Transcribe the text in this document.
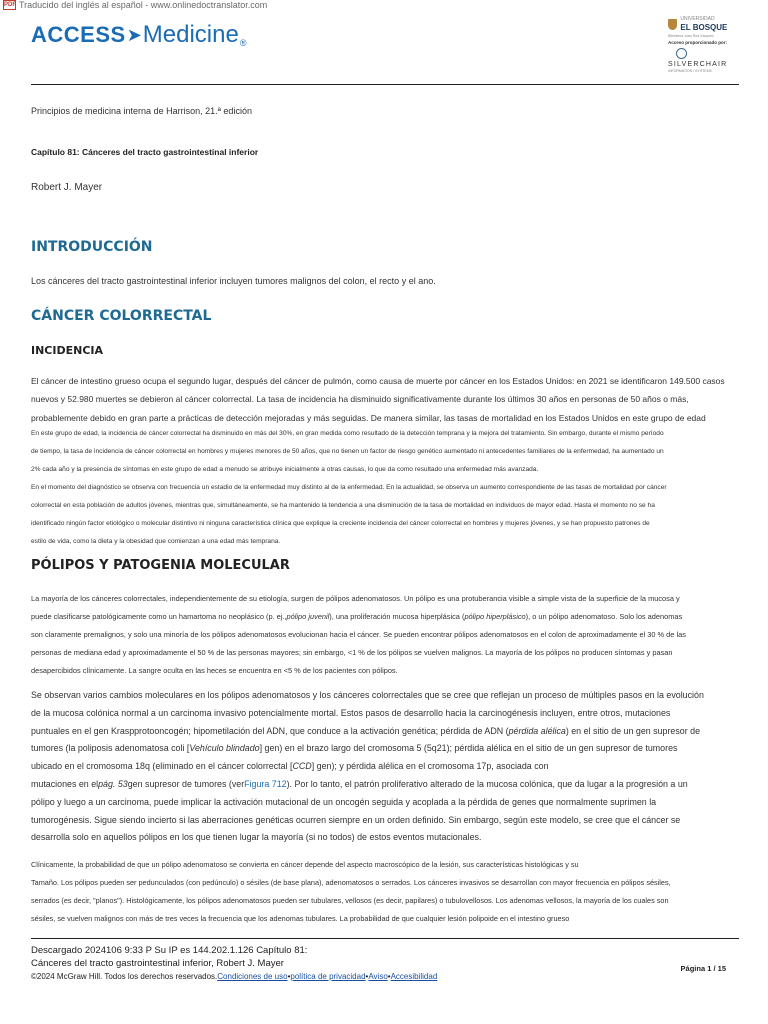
PDF Traducido del inglés al español - www.onlinedoctranslator.com
ACCESS ➤ Medicine ®
UNIVERSIDAD
EL BOSQUE
Biblioteca Juan Roa Vásquez
Acceso proporcionado por:
SILVERCHAIR
INFORMATION / SYSTEMS
Principios de medicina interna de Harrison, 21.ª edición
Capítulo 81: Cánceres del tracto gastrointestinal inferior
Robert J. Mayer
INTRODUCCIÓN

Los cánceres del tracto gastrointestinal inferior incluyen tumores malignos del colon, el recto y el ano.

CÁNCER COLORRECTAL
INCIDENCIA

El cáncer de intestino grueso ocupa el segundo lugar, después del cáncer de pulmón, como causa de muerte por cáncer en los Estados Unidos: en 2021 se identificaron 149.500 casos
nuevos y 52.980 muertes se debieron al cáncer colorrectal. La tasa de incidencia ha disminuido significativamente durante los últimos 30 años en personas de 50 años o más,
probablemente debido en gran parte a prácticas de detección mejoradas y más seguidas. De manera similar, las tasas de mortalidad en los Estados Unidos en este grupo de edad

En este grupo de edad, la incidencia de cáncer colorrectal ha disminuido en más del 30%, en gran medida como resultado de la detección temprana y la mejora del tratamiento. Sin embargo, durante el mismo período
de tiempo, la tasa de incidencia de cáncer colorrectal en hombres y mujeres menores de 50 años, que no tienen un factor de riesgo genético aumentado ni antecedentes familiares de la enfermedad, ha aumentado un
2% cada año y la presencia de síntomas en este grupo de edad a menudo se atribuye inicialmente a otras causas, lo que da como resultado una enfermedad más avanzada.
En el momento del diagnóstico se observa con frecuencia un estadio de la enfermedad muy distinto al de la enfermedad. En la actualidad, se observa un aumento correspondiente de las tasas de mortalidad por cáncer
colorrectal en esta población de adultos jóvenes, mientras que, simultáneamente, se ha mantenido la tendencia a una disminución de la tasa de mortalidad en individuos de mayor edad. Hasta el momento no se ha
identificado ningún factor etiológico o molecular distintivo ni ninguna característica clínica que explique la creciente incidencia del cáncer colorrectal en hombres y mujeres jóvenes, y se han propuesto patrones de
estilo de vida, como la dieta y la obesidad que comienzan a una edad más temprana.

PÓLIPOS Y PATOGENIA MOLECULAR

La mayoría de los cánceres colorrectales, independientemente de su etiología, surgen de pólipos adenomatosos. Un pólipo es una protuberancia visible a simple vista de la superficie de la mucosa y
puede clasificarse patológicamente como un hamartoma no neoplásico (p. ej.,pólipo juvenil), una proliferación mucosa hiperplásica (pólipo hiperplásico), o un pólipo adenomatoso. Solo los adenomas
son claramente premalignos, y solo una minoría de los pólipos adenomatosos evolucionan hacia el cáncer. Se pueden encontrar pólipos adenomatosos en el colon de aproximadamente el 30 % de las
personas de mediana edad y aproximadamente el 50 % de las personas mayores; sin embargo, <1 % de los pólipos se vuelven malignos. La mayoría de los pólipos no producen síntomas y pasan
desapercibidos clínicamente. La sangre oculta en las heces se encuentra en <5 % de los pacientes con pólipos.

Se observan varios cambios moleculares en los pólipos adenomatosos y los cánceres colorrectales que se cree que reflejan un proceso de múltiples pasos en la evolución
de la mucosa colónica normal a un carcinoma invasivo potencialmente mortal. Estos pasos de desarrollo hacia la carcinogénesis incluyen, entre otros, mutaciones
puntuales en el gen Kraspprotooncogén; hipometilación del ADN, que conduce a la activación genética; pérdida de ADN (pérdida alélica) en el sitio de un gen supresor de
tumores (la poliposis adenomatosa coli [Vehículo blindado] gen) en el brazo largo del cromosoma 5 (5q21); pérdida alélica en el sitio de un gen supresor de tumores
ubicado en el cromosoma 18q (eliminado en el cáncer colorrectal [CCD] gen); y pérdida alélica en el cromosoma 17p, asociada con
mutaciones en elpág. 53gen supresor de tumores (verFigura 712). Por lo tanto, el patrón proliferativo alterado de la mucosa colónica, que da lugar a la progresión a un
pólipo y luego a un carcinoma, puede implicar la activación mutacional de un oncogén seguida y acoplada a la pérdida de genes que normalmente suprimen la
tumorogénesis. Sigue siendo incierto si las aberraciones genéticas ocurren siempre en un orden definido. Sin embargo, según este modelo, se cree que el cáncer se
desarrolla solo en aquellos pólipos en los que tienen lugar la mayoría (si no todos) de estos eventos mutacionales.

Clínicamente, la probabilidad de que un pólipo adenomatoso se convierta en cáncer depende del aspecto macroscópico de la lesión, sus características histológicas y su
Tamaño. Los pólipos pueden ser pedunculados (con pedúnculo) o sésiles (de base plana), adenomatosos o serrados. Los cánceres invasivos se desarrollan con mayor frecuencia en pólipos sésiles,
serrados (es decir, "planos"). Histológicamente, los pólipos adenomatosos pueden ser tubulares, vellosos (es decir, papilares) o tubulovellosos. Los adenomas vellosos, la mayoría de los cuales son
sésiles, se vuelven malignos con más de tres veces la frecuencia que los adenomas tubulares. La probabilidad de que cualquier lesión polipoide en el intestino grueso

Descargado 2024106 9:33 P Su IP es 144.202.1.126 Capítulo 81:
Cánceres del tracto gastrointestinal inferior, Robert J. Mayer
©2024 McGraw Hill. Todos los derechos reservados.Condiciones de uso•política de privacidad•Aviso•Accesibilidad
Página 1 / 15
